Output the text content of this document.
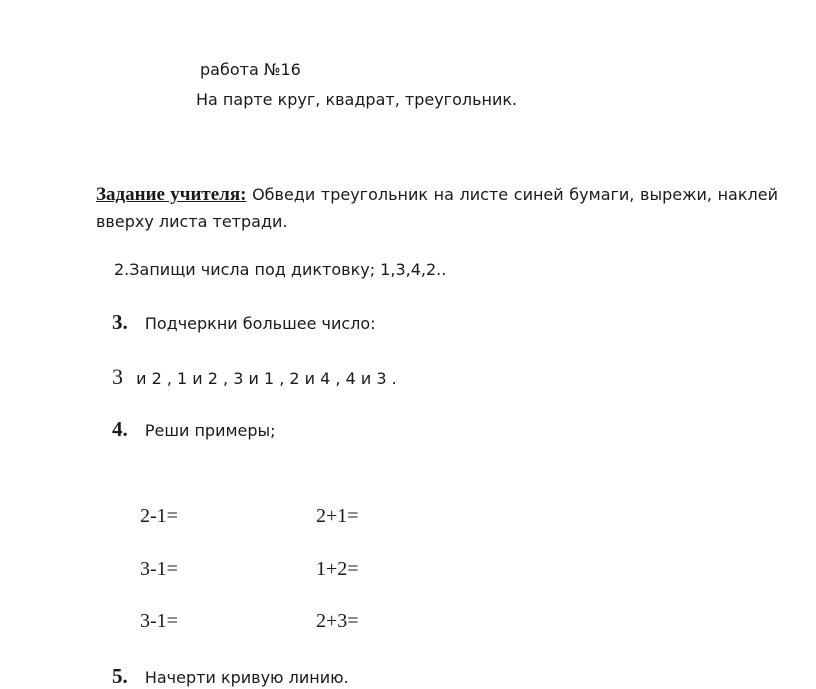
работа №16
На парте круг, квадрат, треугольник.
Задание учителя: Обведи треугольник на листе синей бумаги, вырежи, наклей вверху листа тетради.
2.Запищи числа под диктовку; 1,3,4,2..
3. Подчеркни большее число:
3 и 2 , 1 и 2 , 3 и 1 , 2 и 4 , 4 и 3 .
4. Реши примеры;
2-1=	2+1=
3-1=	1+2=
3-1=	2+3=
5. Начерти кривую линию.
